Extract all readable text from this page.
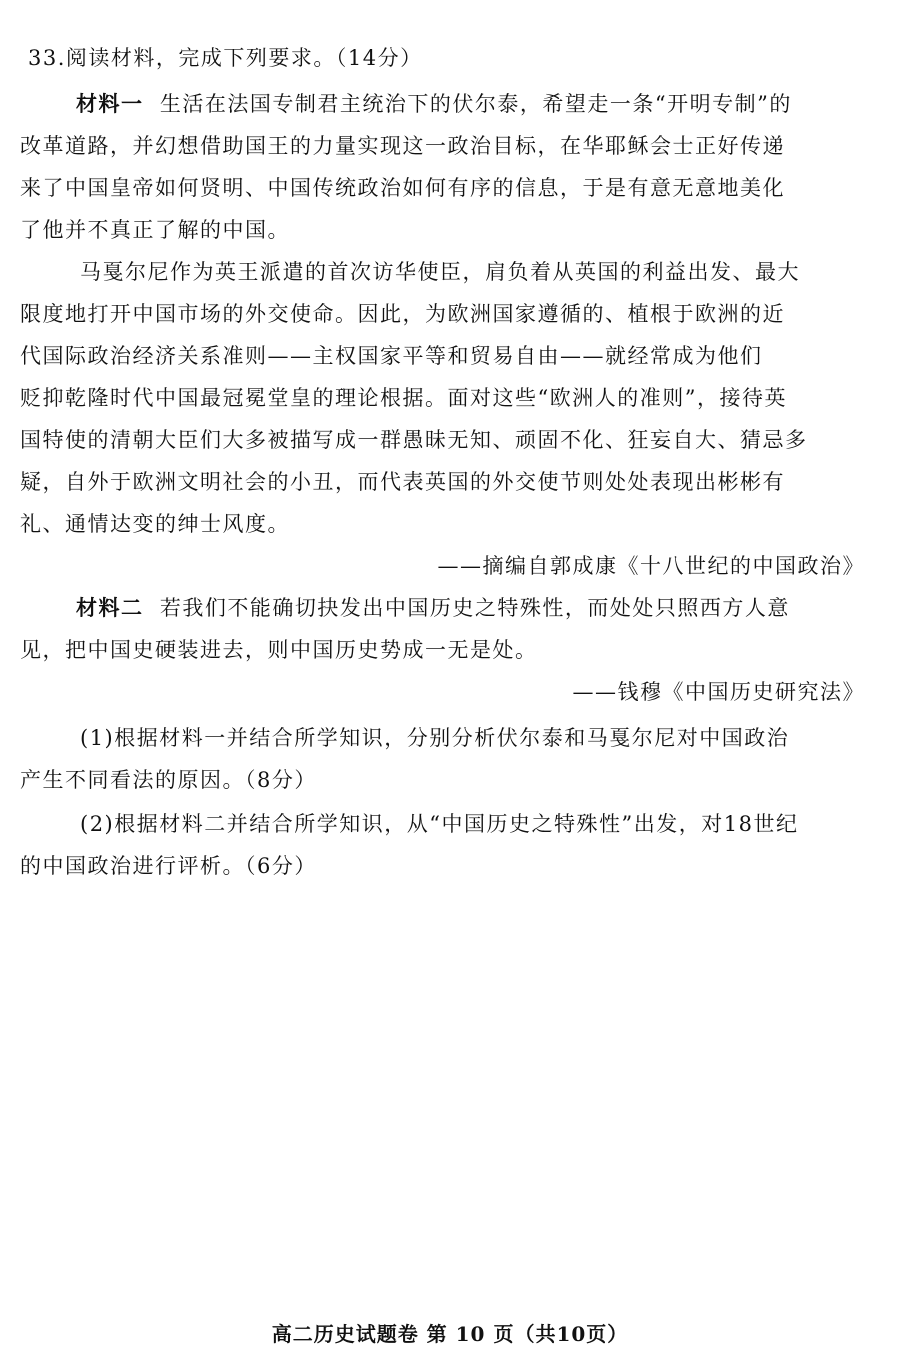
33.阅读材料，完成下列要求。（14分）
材料一 生活在法国专制君主统治下的伏尔泰，希望走一条“开明专制”的
改革道路，并幻想借助国王的力量实现这一政治目标，在华耶稣会士正好传递
来了中国皇帝如何贤明、中国传统政治如何有序的信息，于是有意无意地美化
了他并不真正了解的中国。
马戛尔尼作为英王派遣的首次访华使臣，肩负着从英国的利益出发、最大
限度地打开中国市场的外交使命。因此，为欧洲国家遵循的、植根于欧洲的近
代国际政治经济关系准则——主权国家平等和贸易自由——就经常成为他们
贬抑乾隆时代中国最冠冕堂皇的理论根据。面对这些“欧洲人的准则”，接待英
国特使的清朝大臣们大多被描写成一群愚昧无知、顽固不化、狂妄自大、猜忌多
疑，自外于欧洲文明社会的小丑，而代表英国的外交使节则处处表现出彬彬有
礼、通情达变的绅士风度。
——摘编自郭成康《十八世纪的中国政治》
材料二 若我们不能确切抉发出中国历史之特殊性，而处处只照西方人意
见，把中国史硬装进去，则中国历史势成一无是处。
——钱穆《中国历史研究法》
(1)根据材料一并结合所学知识，分别分析伏尔泰和马戛尔尼对中国政治
产生不同看法的原因。（8分）
(2)根据材料二并结合所学知识，从“中国历史之特殊性”出发，对18世纪
的中国政治进行评析。（6分）
高二历史试题卷 第 10 页（共10页）
